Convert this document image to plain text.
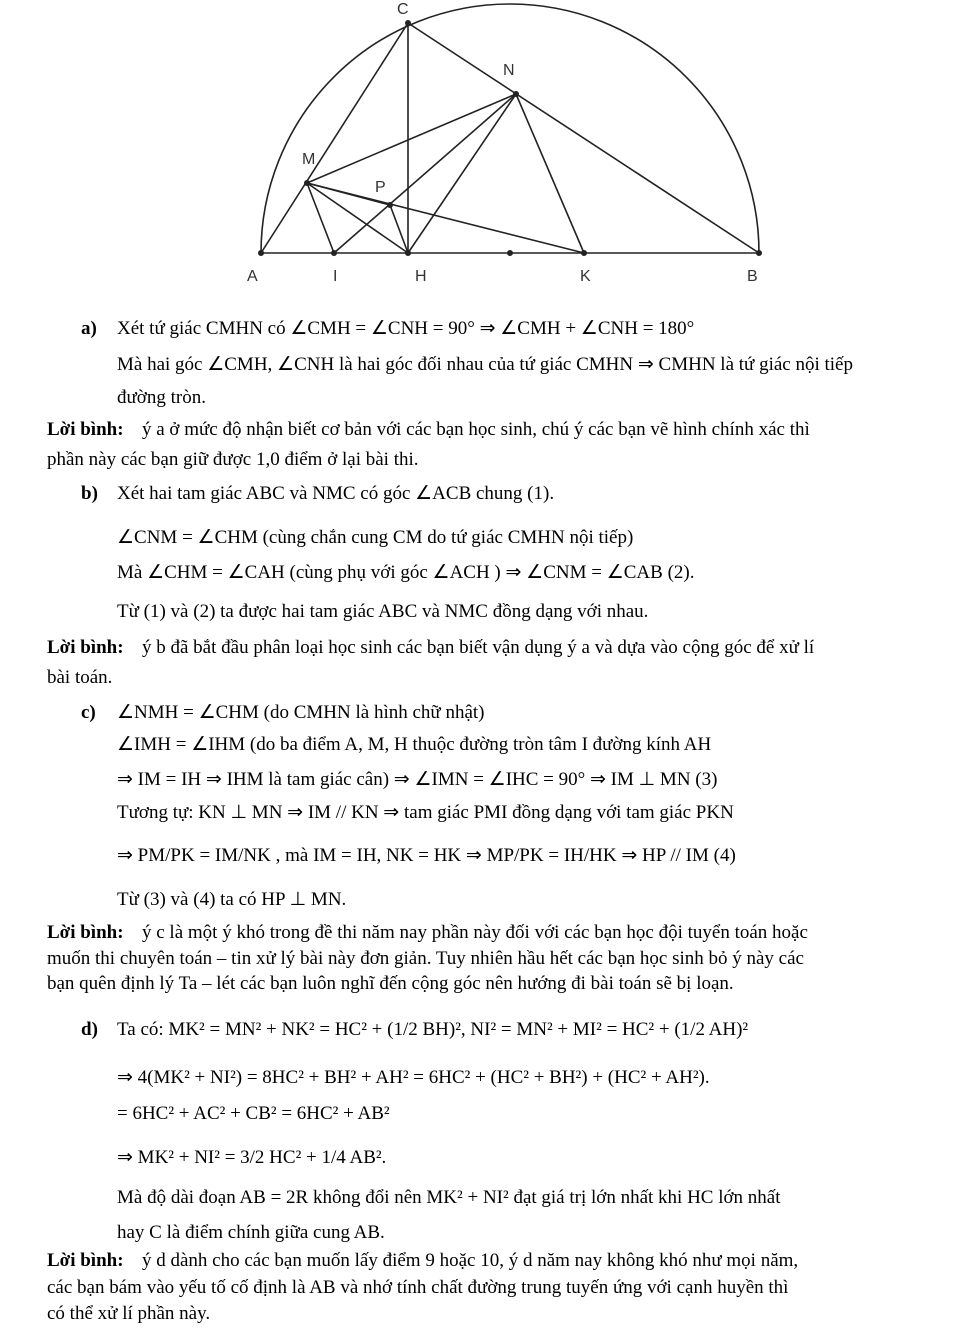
C
N
M
P
A	I	H	K	B
a) Xét tứ giác CMHN có ∠CMH = ∠CNH = 90° ⇒ ∠CMH + ∠CNH = 180°
Mà hai góc ∠CMH, ∠CNH là hai góc đối nhau của tứ giác CMHN ⇒ CMHN là tứ giác nội tiếp
đường tròn.
Lời bình: ý a ở mức độ nhận biết cơ bản với các bạn học sinh, chú ý các bạn vẽ hình chính xác thì
phần này các bạn giữ được 1,0 điểm ở lại bài thi.
b) Xét hai tam giác ABC và NMC có góc ∠ACB chung (1).
∠CNM = ∠CHM (cùng chắn cung CM do tứ giác CMHN nội tiếp)
Mà ∠CHM = ∠CAH (cùng phụ với góc ∠ACH ) ⇒ ∠CNM = ∠CAB (2).
Từ (1) và (2) ta được hai tam giác ABC và NMC đồng dạng với nhau.
Lời bình: ý b đã bắt đầu phân loại học sinh các bạn biết vận dụng ý a và dựa vào cộng góc để xử lí
bài toán.
c) ∠NMH = ∠CHM (do CMHN là hình chữ nhật)
∠IMH = ∠IHM (do ba điểm A, M, H thuộc đường tròn tâm I đường kính AH
⇒ IM = IH ⇒ IHM là tam giác cân) ⇒ ∠IMN = ∠IHC = 90° ⇒ IM ⊥ MN (3)
Tương tự: KN ⊥ MN ⇒ IM // KN ⇒ tam giác PMI đồng dạng với tam giác PKN
⇒ PM/PK = IM/NK , mà IM = IH, NK = HK ⇒ MP/PK = IH/HK ⇒ HP // IM (4)
Từ (3) và (4) ta có HP ⊥ MN.
Lời bình: ý c là một ý khó trong đề thi năm nay phần này đối với các bạn học đội tuyển toán hoặc
muốn thi chuyên toán – tin xử lý bài này đơn giản. Tuy nhiên hầu hết các bạn học sinh bỏ ý này các
bạn quên định lý Ta – lét các bạn luôn nghĩ đến cộng góc nên hướng đi bài toán sẽ bị loạn.
d) Ta có: MK² = MN² + NK² = HC² + (1/2 BH)², NI² = MN² + MI² = HC² + (1/2 AH)²
⇒ 4(MK² + NI²) = 8HC² + BH² + AH² = 6HC² + (HC² + BH²) + (HC² + AH²).
= 6HC² + AC² + CB² = 6HC² + AB²
⇒ MK² + NI² = 3/2 HC² + 1/4 AB².
Mà độ dài đoạn AB = 2R không đổi nên MK² + NI² đạt giá trị lớn nhất khi HC lớn nhất
hay C là điểm chính giữa cung AB.
Lời bình: ý d dành cho các bạn muốn lấy điểm 9 hoặc 10, ý d năm nay không khó như mọi năm,
các bạn bám vào yếu tố cố định là AB và nhớ tính chất đường trung tuyến ứng với cạnh huyền thì
có thể xử lí phần này.
